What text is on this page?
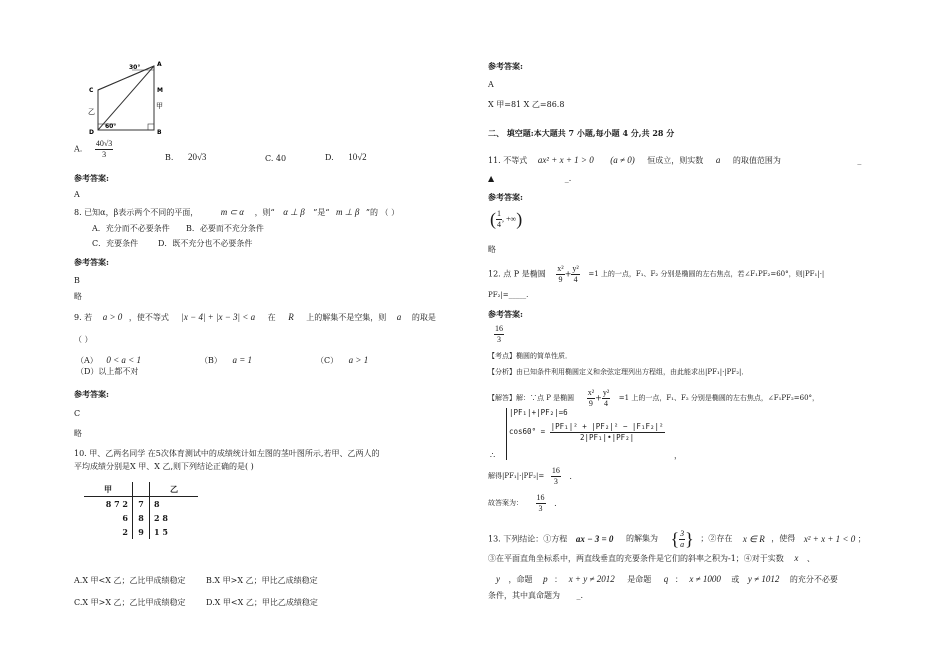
A
C	M
乙
甲
D	B
30°
60°
A. $\frac{40√3}{3}$	B. 20√3	C. 40	D. 10√2
参考答案:
A
8. 已知α，β表示两个不同的平面，	m ⊂ α ，则“ α ⊥ β ”是“ m ⊥ β ”的 （ ）
A．充分而不必要条件 B．必要而不充分条件
C．充要条件 D．既不充分也不必要条件
参考答案:
B
略
9. 若 a > 0 ，使不等式 |x − 4| + |x − 3| < a 在 R 上的解集不是空集，则 a 的取是
（ ）
（A） 0 < a < 1	（B） a = 1	（C） a > 1
（D）以上都不对
参考答案:
C
略
10. 甲、乙两名同学 在5次体育测试中的成绩统计如左图的茎叶图所示,若甲、乙两人的
平均成绩分别是X 甲、X 乙,则下列结论正确的是( )
甲		乙
8 7 2	7	8
6	8	2 8
2	9	1 5
A.X 甲<X 乙；乙比甲成绩稳定	B.X 甲>X 乙；甲比乙成绩稳定
C.X 甲>X 乙；乙比甲成绩稳定	D.X 甲<X 乙；甲比乙成绩稳定
参考答案:
A
X 甲=81 X 乙=86.8
二、 填空题:本大题共 7 小题,每小题 4 分,共 28 分
11. 不等式 ax² + x + 1 > 0 (a ≠ 0) 恒成立，则实数 a 的取值范围为	_
▲	_.
参考答案:
( $\frac{1}{4}$ , +∞)
略
12. 点 P 是椭圆 $\frac{\text{x²}}{9} + \frac{\text{y²}}{4} =1$ 上的一点，F₁、F₂ 分别是椭圆的左右焦点，若∠F₁PF₂=60°，则|PF₁|·|
PF₂|=_____.
参考答案:
$\frac{16}{3}$
【考点】椭圆的简单性质．
【分析】由已知条件利用椭圆定义和余弦定理列出方程组，由此能求出|PF₁|·|PF₂|．
【解答】解：∵点 P 是椭圆 $\frac{\text{x²}}{9} + \frac{\text{y²}}{4} =1$ 上的一点，F₁、F₂ 分别是椭圆的左右焦点，∠F₁PF₂=60°，
∴
|PF₁|+|PF₂|=6
$\cos 60^\circ = \frac{\text{|PF₁|² + |PF₂|² − |F₁F₂|²}}{\text{2|PF₁|•|PF₂|}}$
，
解得$|PF_1|\cdot|PF_2|= \frac{16}{3}$ .
故答案为： $\frac{16}{3}$ .
13. 下列结论：①方程 ax − 3 = 0 的解集为 { $\frac{3}{a}$ } ；②存在 x ∈ R ，使得 x² + x + 1 < 0 ；
③在平面直角坐标系中，两直线垂直的充要条件是它们的斜率之积为-1；④对于实数 x 、
y ，命题 p ： x + y ≠ 2012 是命题 q ： x ≠ 1000 或 y ≠ 1012 的充分不必要
条件，其中真命题为 _.
